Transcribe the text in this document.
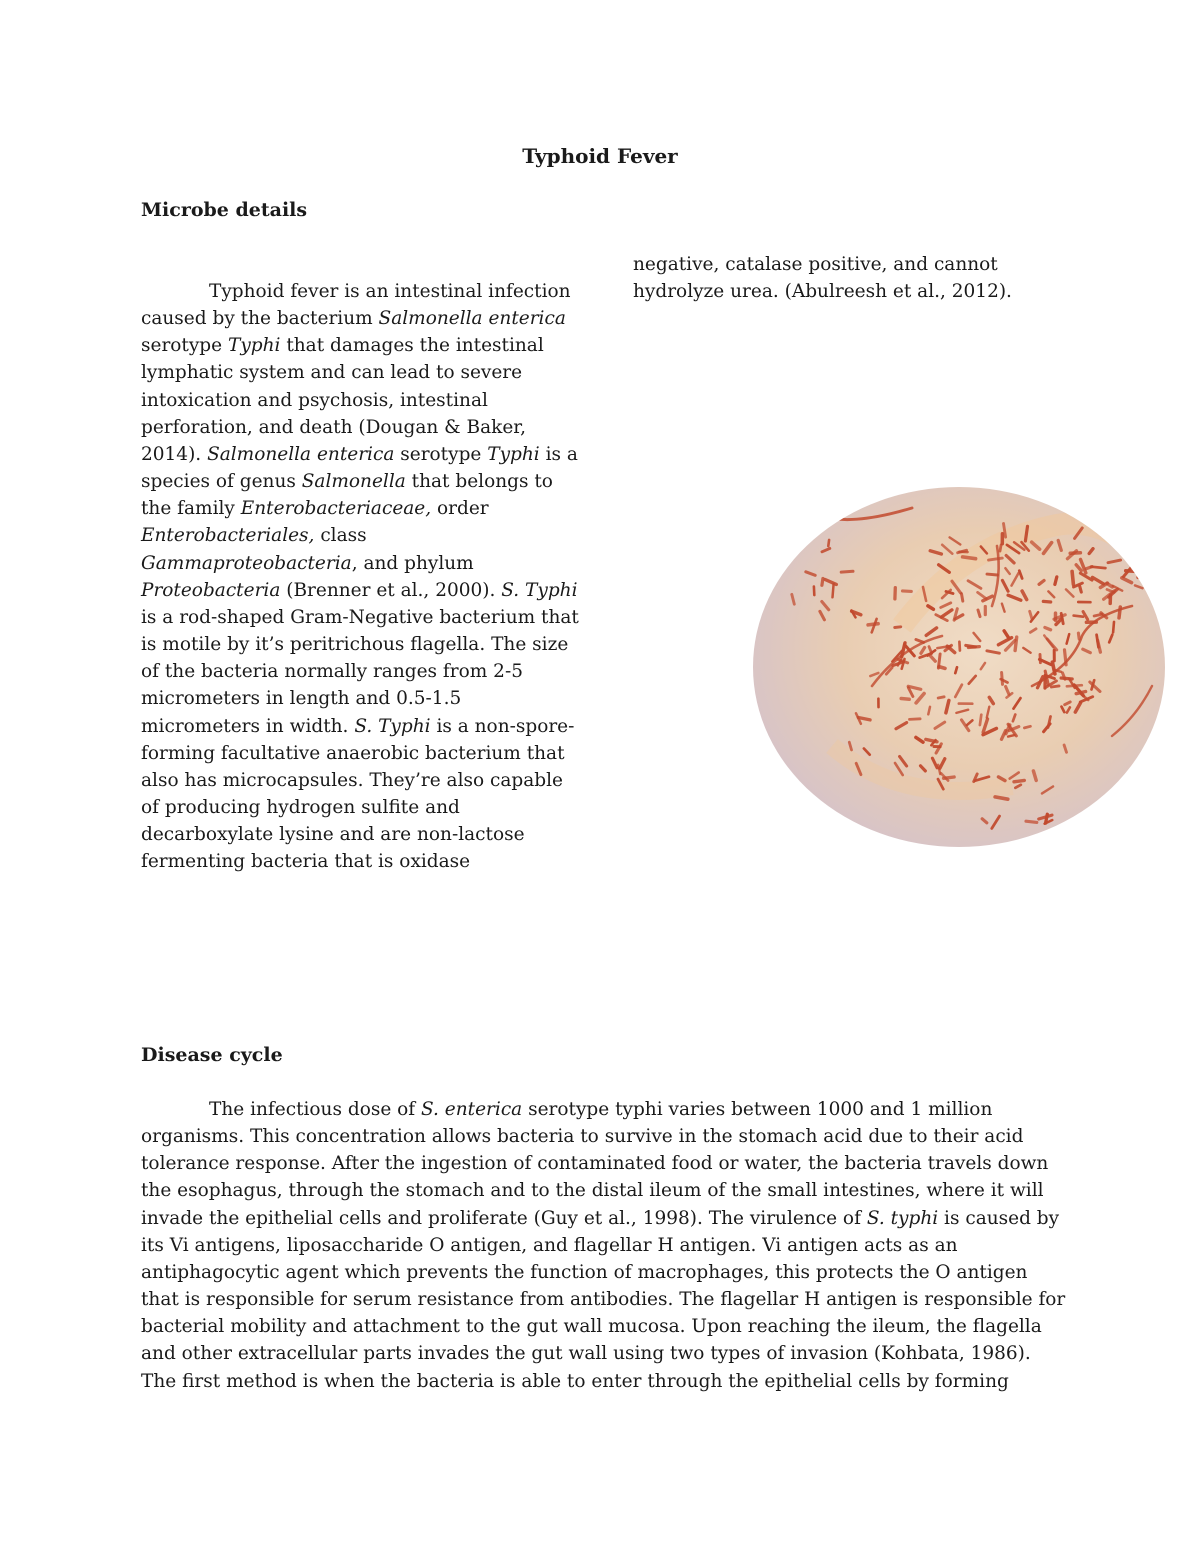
Typhoid Fever
Microbe details

Typhoid fever is an intestinal infection caused by the bacterium Salmonella enterica serotype Typhi that damages the intestinal lymphatic system and can lead to severe intoxication and psychosis, intestinal perforation, and death (Dougan & Baker, 2014). Salmonella enterica serotype Typhi is a species of genus Salmonella that belongs to the family Enterobacteriaceae, order Enterobacteriales, class Gammaproteobacteria, and phylum Proteobacteria (Brenner et al., 2000). S. Typhi is a rod-shaped Gram-Negative bacterium that is motile by it’s peritrichous flagella. The size of the bacteria normally ranges from 2-5 micrometers in length and 0.5-1.5 micrometers in width. S. Typhi is a non-spore-forming facultative anaerobic bacterium that also has microcapsules. They’re also capable of producing hydrogen sulfite and decarboxylate lysine and are non-lactose fermenting bacteria that is oxidase

negative, catalase positive, and cannot hydrolyze urea. (Abulreesh et al., 2012).

Disease cycle

The infectious dose of S. enterica serotype typhi varies between 1000 and 1 million organisms. This concentration allows bacteria to survive in the stomach acid due to their acid tolerance response. After the ingestion of contaminated food or water, the bacteria travels down the esophagus, through the stomach and to the distal ileum of the small intestines, where it will invade the epithelial cells and proliferate (Guy et al., 1998). The virulence of S. typhi is caused by its Vi antigens, liposaccharide O antigen, and flagellar H antigen. Vi antigen acts as an antiphagocytic agent which prevents the function of macrophages, this protects the O antigen that is responsible for serum resistance from antibodies. The flagellar H antigen is responsible for bacterial mobility and attachment to the gut wall mucosa. Upon reaching the ileum, the flagella and other extracellular parts invades the gut wall using two types of invasion (Kohbata, 1986). The first method is when the bacteria is able to enter through the epithelial cells by forming
